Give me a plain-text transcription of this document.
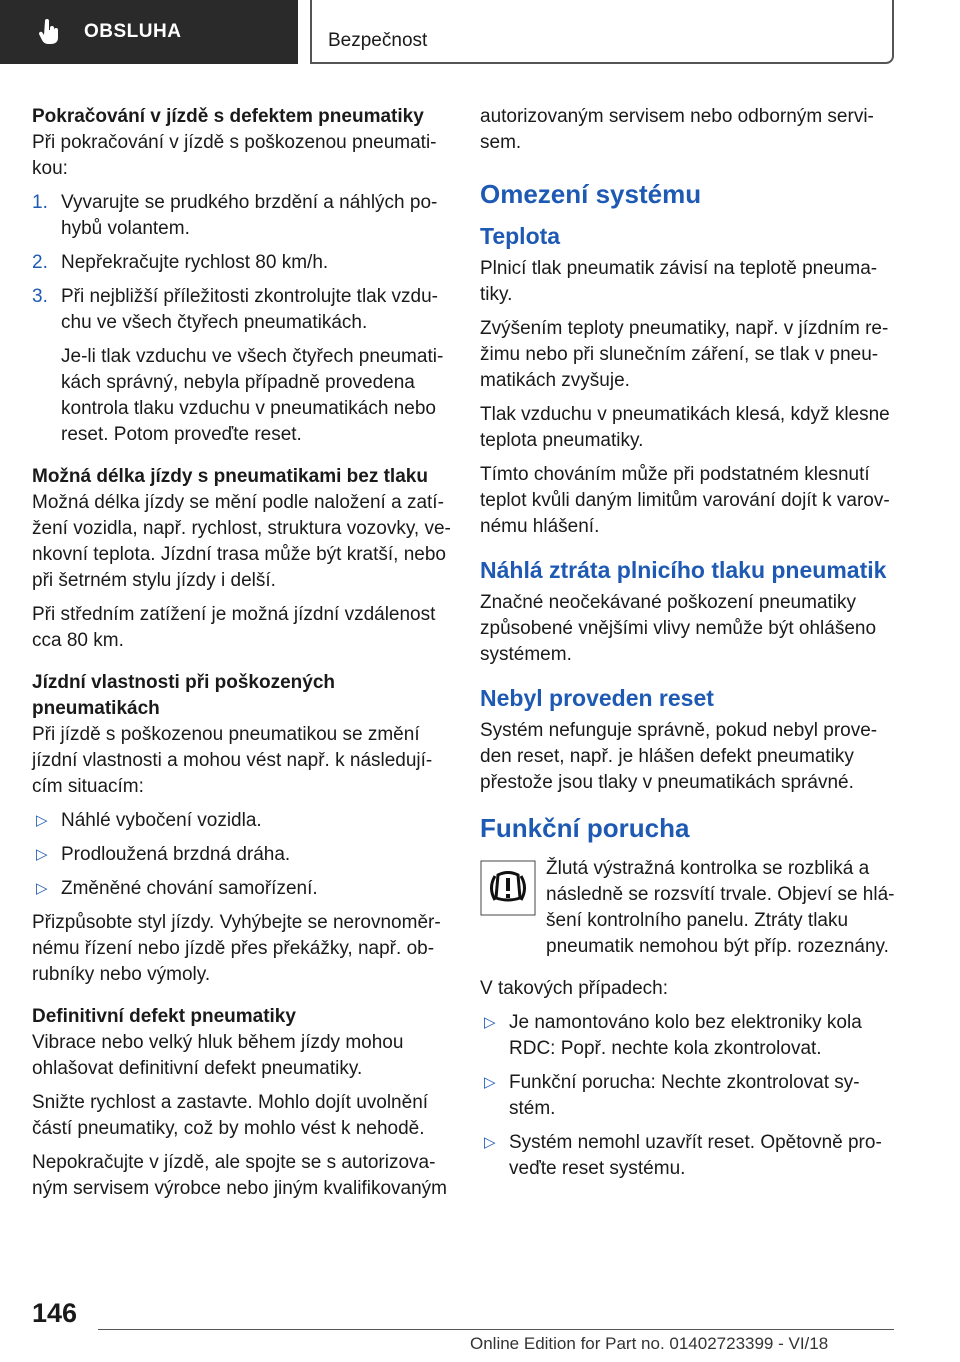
OBSLUHA	Bezpečnost

Pokračování v jízdě s defektem pneumatiky

Při pokračování v jízdě s poškozenou pneumati-kou:

1. Vyvarujte se prudkého brzdění a náhlých po-hybů volantem.
2. Nepřekračujte rychlost 80 km/h.
3. Při nejbližší příležitosti zkontrolujte tlak vzdu-chu ve všech čtyřech pneumatikách.

Je-li tlak vzduchu ve všech čtyřech pneumati-kách správný, nebyla případně provedena kontrola tlaku vzduchu v pneumatikách nebo reset. Potom proveďte reset.

Možná délka jízdy s pneumatikami bez tlaku

Možná délka jízdy se mění podle naložení a zatí-žení vozidla, např. rychlost, struktura vozovky, ve-nkovní teplota. Jízdní trasa může být kratší, nebo při šetrném stylu jízdy i delší.

Při středním zatížení je možná jízdní vzdálenost cca 80 km.

Jízdní vlastnosti při poškozených pneumatikách

Při jízdě s poškozenou pneumatikou se změní jízdní vlastnosti a mohou vést např. k následují-cím situacím:

▷ Náhlé vybočení vozidla.
▷ Prodloužená brzdná dráha.
▷ Změněné chování samořízení.

Přizpůsobte styl jízdy. Vyhýbejte se nerovnoměr-nému řízení nebo jízdě přes překážky, např. ob-rubníky nebo výmoly.

Definitivní defekt pneumatiky

Vibrace nebo velký hluk během jízdy mohou ohlašovat definitivní defekt pneumatiky.

Snižte rychlost a zastavte. Mohlo dojít uvolnění částí pneumatiky, což by mohlo vést k nehodě.

Nepokračujte v jízdě, ale spojte se s autorizova-ným servisem výrobce nebo jiným kvalifikovaným

autorizovaným servisem nebo odborným servi-sem.

Omezení systému
Teplota

Plnicí tlak pneumatik závisí na teplotě pneuma-tiky.

Zvýšením teploty pneumatiky, např. v jízdním re-žimu nebo při slunečním záření, se tlak v pneu-matikách zvyšuje.

Tlak vzduchu v pneumatikách klesá, když klesne teplota pneumatiky.

Tímto chováním může při podstatném klesnutí teplot kvůli daným limitům varování dojít k varov-nému hlášení.

Náhlá ztráta plnicího tlaku pneumatik

Značné neočekávané poškození pneumatiky způsobené vnějšími vlivy nemůže být ohlášeno systémem.

Nebyl proveden reset

Systém nefunguje správně, pokud nebyl prove-den reset, např. je hlášen defekt pneumatiky přestože jsou tlaky v pneumatikách správné.

Funkční porucha

Žlutá výstražná kontrolka se rozbliká a následně se rozsvítí trvale. Objeví se hlá-šení kontrolního panelu. Ztráty tlaku pneumatik nemohou být příp. rozeznány.

V takových případech:

▷ Je namontováno kolo bez elektroniky kola RDC: Popř. nechte kola zkontrolovat.
▷ Funkční porucha: Nechte zkontrolovat sy-stém.
▷ Systém nemohl uzavřít reset. Opětovně pro-veďte reset systému.
146
Online Edition for Part no. 01402723399 - VI/18
